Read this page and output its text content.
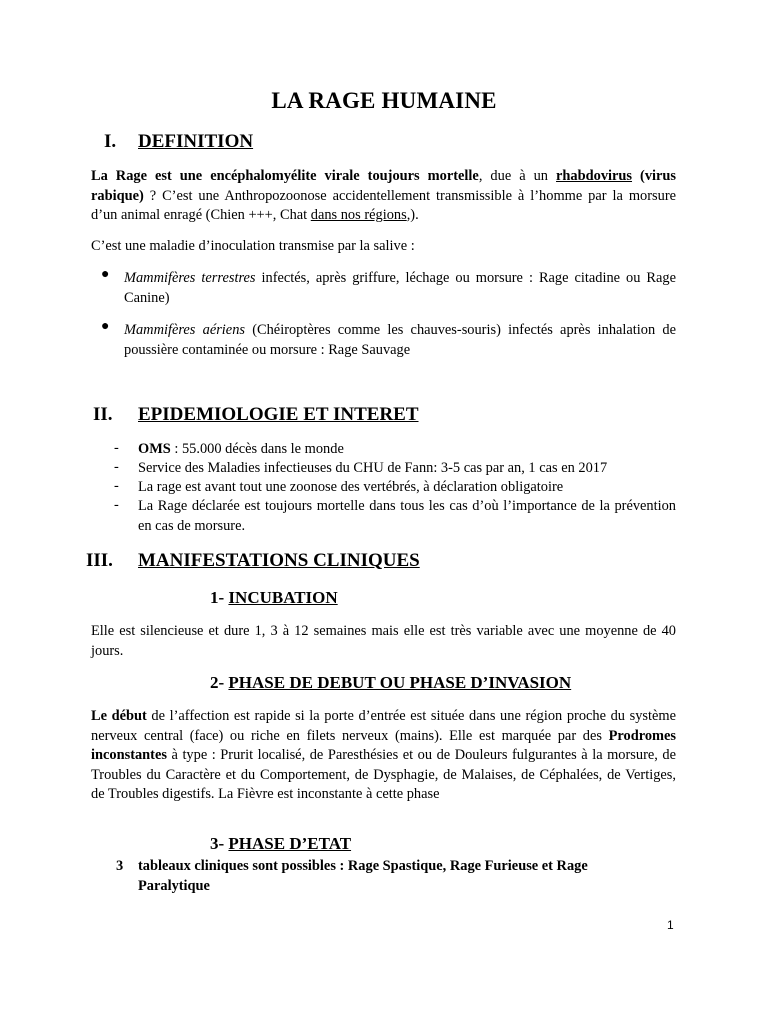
LA RAGE HUMAINE
I. DEFINITION
La Rage est une encéphalomyélite virale toujours mortelle, due à un rhabdovirus (virus rabique) ? C’est une Anthropozoonose accidentellement transmissible à l’homme par la morsure d’un animal enragé (Chien +++, Chat dans nos régions,).
C’est une maladie d’inoculation transmise par la salive :
● Mammifères terrestres infectés, après griffure, léchage ou morsure : Rage citadine ou Rage Canine)
● Mammifères aériens (Chéiroptères comme les chauves-souris) infectés après inhalation de poussière contaminée ou morsure : Rage Sauvage
II. EPIDEMIOLOGIE ET INTERET
- OMS : 55.000 décès dans le monde
- Service des Maladies infectieuses du CHU de Fann: 3-5 cas par an, 1 cas en 2017
- La rage est avant tout une zoonose des vertébrés, à déclaration obligatoire
- La Rage déclarée est toujours mortelle dans tous les cas d’où l’importance de la prévention en cas de morsure.
III. MANIFESTATIONS CLINIQUES
1- INCUBATION
Elle est silencieuse et dure 1, 3 à 12 semaines mais elle est très variable avec une moyenne de 40 jours.
2- PHASE DE DEBUT OU PHASE D’INVASION
Le début de l’affection est rapide si la porte d’entrée est située dans une région proche du système nerveux central (face) ou riche en filets nerveux (mains). Elle est marquée par des Prodromes inconstantes à type : Prurit localisé, de Paresthésies et ou de Douleurs fulgurantes à la morsure, de Troubles du Caractère et du Comportement, de Dysphagie, de Malaises, de Céphalées, de Vertiges, de Troubles digestifs. La Fièvre est inconstante à cette phase
3- PHASE D’ETAT
3 tableaux cliniques sont possibles : Rage Spastique, Rage Furieuse et Rage Paralytique
1
